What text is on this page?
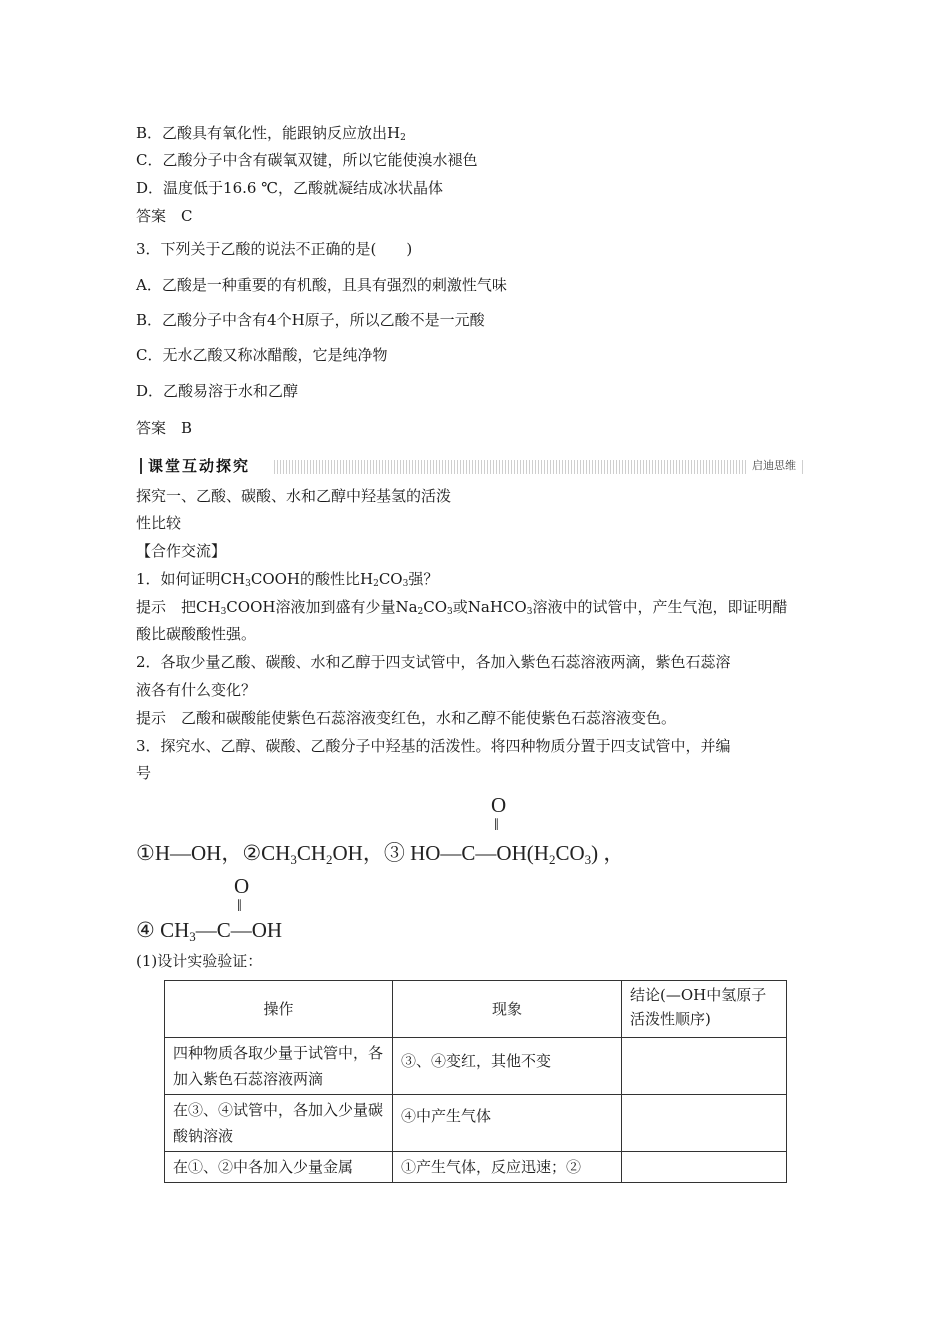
B．乙酸具有氧化性，能跟钠反应放出$H_2$
C．乙酸分子中含有碳氧双键，所以它能使溴水褪色
D．温度低于16.6 ℃，乙酸就凝结成冰状晶体
答案　C
3．下列关于乙酸的说法不正确的是(　　)
A．乙酸是一种重要的有机酸，且具有强烈的刺激性气味
B．乙酸分子中含有4个H原子，所以乙酸不是一元酸
C．无水乙酸又称冰醋酸，它是纯净物
D．乙酸易溶于水和乙醇
答案　B
课堂互动探究	启迪思维
探究一、乙酸、碳酸、水和乙醇中羟基氢的活泼
性比较
【合作交流】
1．如何证明$CH_3COOH$的酸性比$H_2CO_3$强？
提示　把$CH_3COOH$溶液加到盛有少量$Na_2CO_3$或NaHCO$_3$溶液中的试管中，产生气泡，即证明醋
酸比碳酸酸性强。
2．各取少量乙酸、碳酸、水和乙醇于四支试管中，各加入紫色石蕊溶液两滴，紫色石蕊溶
液各有什么变化？
提示　乙酸和碳酸能使紫色石蕊溶液变红色，水和乙醇不能使紫色石蕊溶液变色。
3．探究水、乙醇、碳酸、乙酸分子中羟基的活泼性。将四种物质分置于四支试管中，并编
号
O
‖
①H—OH，$②CH_3CH_2OH$，③ $HO—C—OH(H_2CO_3)$ ，
O
‖
④ $CH_3—C—OH$
(1)设计实验验证：
操作	现象	结论(—OH中氢原子活泼性顺序)
四种物质各取少量于试管中，各加入紫色石蕊溶液两滴	③、④变红，其他不变	
在③、④试管中，各加入少量碳酸钠溶液	④中产生气体	
在①、②中各加入少量金属	①产生气体，反应迅速；②	
